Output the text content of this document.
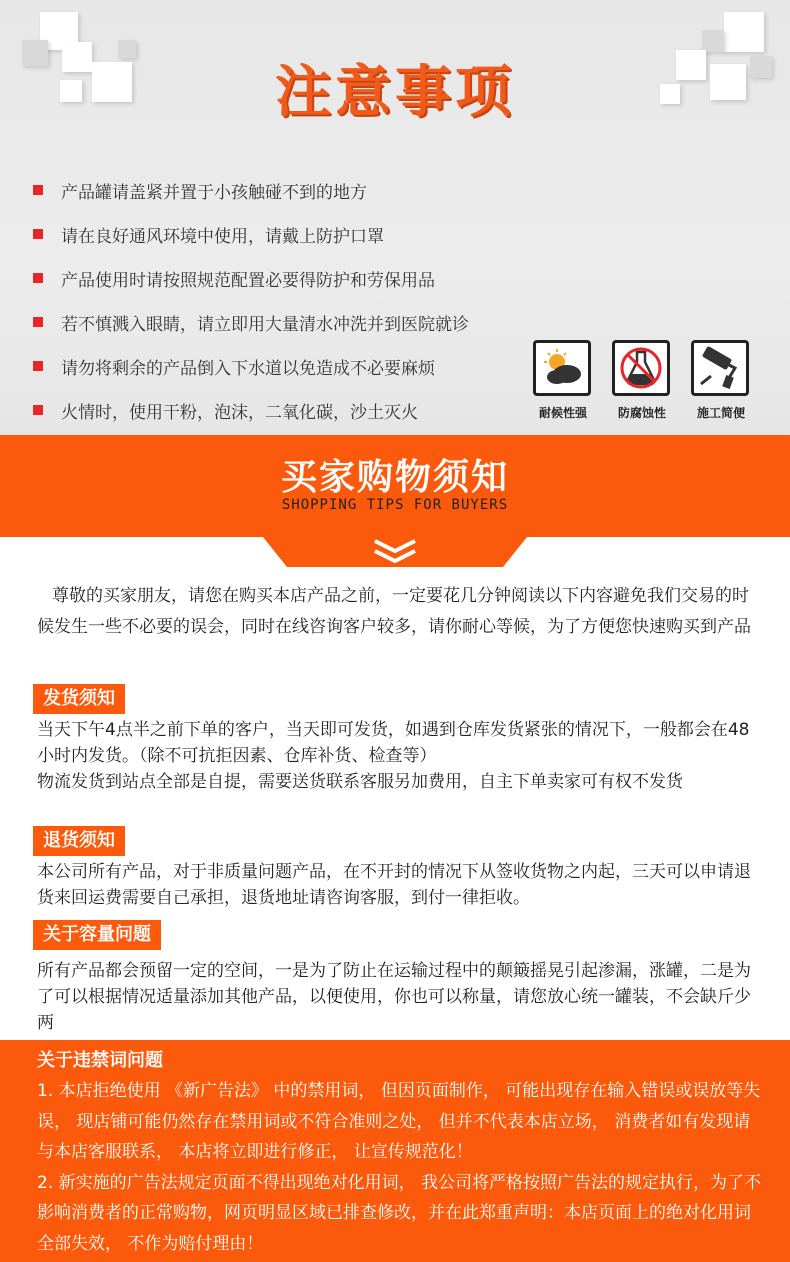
注意事项
产品罐请盖紧并置于小孩触碰不到的地方
请在良好通风环境中使用，请戴上防护口罩
产品使用时请按照规范配置必要得防护和劳保用品
若不慎溅入眼睛，请立即用大量清水冲洗并到医院就诊
请勿将剩余的产品倒入下水道以免造成不必要麻烦
火情时，使用干粉，泡沫，二氧化碳，沙土灭火	耐候性强	防腐蚀性	施工简便
买家购物须知
SHOPPING TIPS FOR BUYERS

尊敬的买家朋友，请您在购买本店产品之前，一定要花几分钟阅读以下内容避免我们交易的时候发生一些不必要的误会，同时在线咨询客户较多，请你耐心等候，为了方便您快速购买到产品

发货须知

当天下午4点半之前下单的客户，当天即可发货，如遇到仓库发货紧张的情况下，一般都会在48小时内发货。（除不可抗拒因素、仓库补货、检查等）

物流发货到站点全部是自提，需要送货联系客服另加费用，自主下单卖家可有权不发货

退货须知

本公司所有产品，对于非质量问题产品，在不开封的情况下从签收货物之内起，三天可以申请退货来回运费需要自己承担，退货地址请咨询客服，到付一律拒收。

关于容量问题

所有产品都会预留一定的空间，一是为了防止在运输过程中的颠簸摇晃引起渗漏，涨罐，二是为了可以根据情况适量添加其他产品，以便使用，你也可以称量，请您放心统一罐装，不会缺斤少两

关于违禁词问题

1. 本店拒绝使用 《新广告法》 中的禁用词， 但因页面制作， 可能出现存在输入错误或误放等失误， 现店铺可能仍然存在禁用词或不符合准则之处， 但并不代表本店立场， 消费者如有发现请与本店客服联系， 本店将立即进行修正， 让宣传规范化！

2. 新实施的广告法规定页面不得出现绝对化用词， 我公司将严格按照广告法的规定执行，为了不影响消费者的正常购物，网页明显区域已排查修改，并在此郑重声明：本店页面上的绝对化用词全部失效， 不作为赔付理由！
